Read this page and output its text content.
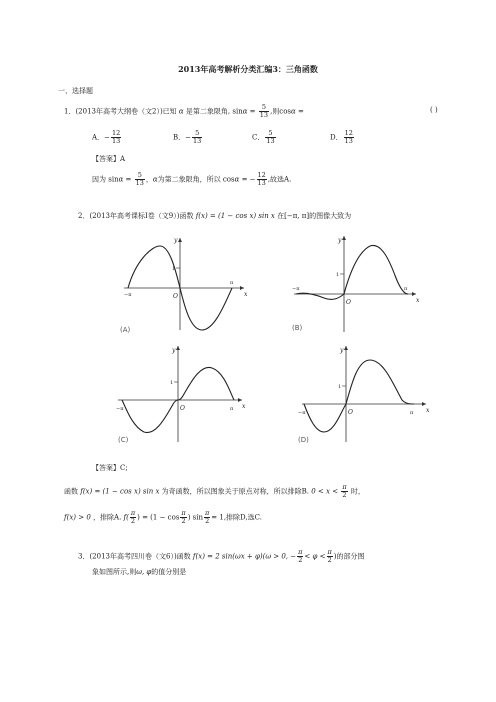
2013年高考解析分类汇编3：三角函数
一、选择题
1．(2013年高考大纲卷（文2）)已知 α 是第二象限角, $\sin\alpha = \frac{5}{13}$ ,则cosα =	( )
A．− $\frac{12}{13}$	B．− $\frac{5}{13}$	C． $\frac{5}{13}$	D． $\frac{12}{13}$
【答案】A
因为 $\sin\alpha = \frac{5}{13}$ ，α为第二象限角，所以 cosα = − $\frac{12}{13}$ ,故选A.
2．(2013年高考课标Ⅰ卷（文9）)函数 f(x) = (1 − cos x) sin x 在[−π, π]的图像大致为
y
x
1
O
−π
π
(A)
y
x
1
O
−π	π
(B)
y
x
1
O
−π	π
(C)
y
x
1
O
−π	π
(D)
【答案】C;
函数 f(x) = (1 − cos x) sin x 为奇函数，所以图象关于原点对称，所以排除B. $0 < x < \frac{\pi}{2}$ 时，
f(x) > 0 ，排除A. $f( \frac{\pi}{2}$ ) = ($1 - \cos \frac{\pi}{2}$ ) $\sin \frac{\pi}{2} = 1$,排除D,选C.
3．(2013年高考四川卷（文6）)函数 f(x) = 2 sin(ωx + φ)(ω > 0, − $\frac{\pi}{2} < \varphi < \frac{\pi}{2}$ )的部分图
象如图所示,则ω, φ的值分别是
